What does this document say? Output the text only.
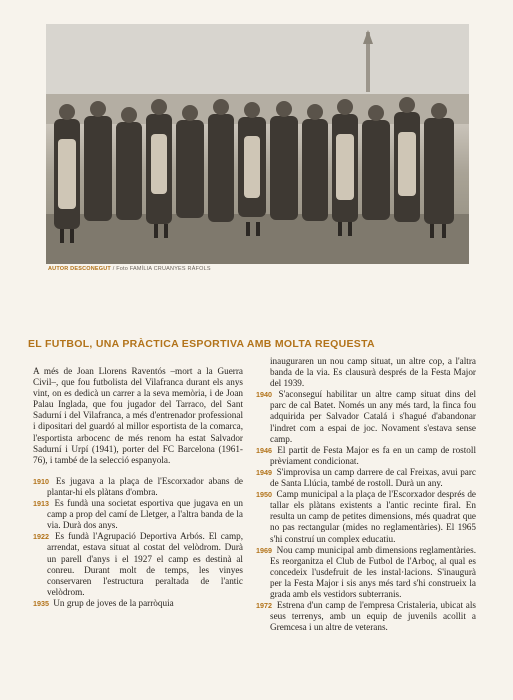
AUTOR DESCONEGUT / Foto FAMÍLIA CRUANYES RÀFOLS
EL FUTBOL, UNA PRÀCTICA ESPORTIVA AMB MOLTA REQUESTA

A més de Joan Llorens Raventós –mort a la Guerra Civil–, que fou futbolista del Vilafranca durant els anys vint, on es dedicà un carrer a la seva memòria, i de Joan Palau Inglada, que fou jugador del Tarraco, del Sant Sadurní i del Vilafranca, a més d'entrenador professional i dipositari del guardó al millor esportista de la comarca, l'esportista arbocenc de més renom ha estat Salvador Sadurní i Urpí (1941), porter del FC Barcelona (1961-76), i també de la selecció espanyola.

1910 Es jugava a la plaça de l'Escorxador abans de plantar-hi els plàtans d'ombra.

1913 Es fundà una societat esportiva que jugava en un camp a prop del camí de Lletger, a l'altra banda de la via. Durà dos anys.

1922 Es fundà l'Agrupació Deportiva Arbós. El camp, arrendat, estava situat al costat del velòdrom. Durà un parell d'anys i el 1927 el camp es destinà al conreu. Durant molt de temps, les vinyes conservaren l'estructura peraltada de l'antic velòdrom.

1935 Un grup de joves de la parròquia

inauguraren un nou camp situat, un altre cop, a l'altra banda de la via. Es clausurà després de la Festa Major del 1939.

1940 S'aconseguí habilitar un altre camp situat dins del parc de cal Batet. Només un any més tard, la finca fou adquirida per Salvador Catalá i s'hagué d'abandonar l'indret com a espai de joc. Novament s'estava sense camp.

1946 El partit de Festa Major es fa en un camp de rostoll prèviament condicionat.

1949 S'improvisa un camp darrere de cal Freixas, avui parc de Santa Llúcia, també de rostoll. Durà un any.

1950 Camp municipal a la plaça de l'Escorxador després de tallar els plàtans existents a l'antic recinte firal. En resulta un camp de petites dimensions, més quadrat que no pas rectangular (mides no reglamentàries). El 1965 s'hi construí un complex educatiu.

1969 Nou camp municipal amb dimensions reglamentàries. Es reorganitza el Club de Futbol de l'Arboç, al qual es concedeix l'usdefruit de les instal·lacions. S'inaugurà per la Festa Major i sis anys més tard s'hi construeix la grada amb els vestidors subterranis.

1972 Estrena d'un camp de l'empresa Cristaleria, ubicat als seus terrenys, amb un equip de juvenils acollit a Gremcesa i un altre de veterans.
